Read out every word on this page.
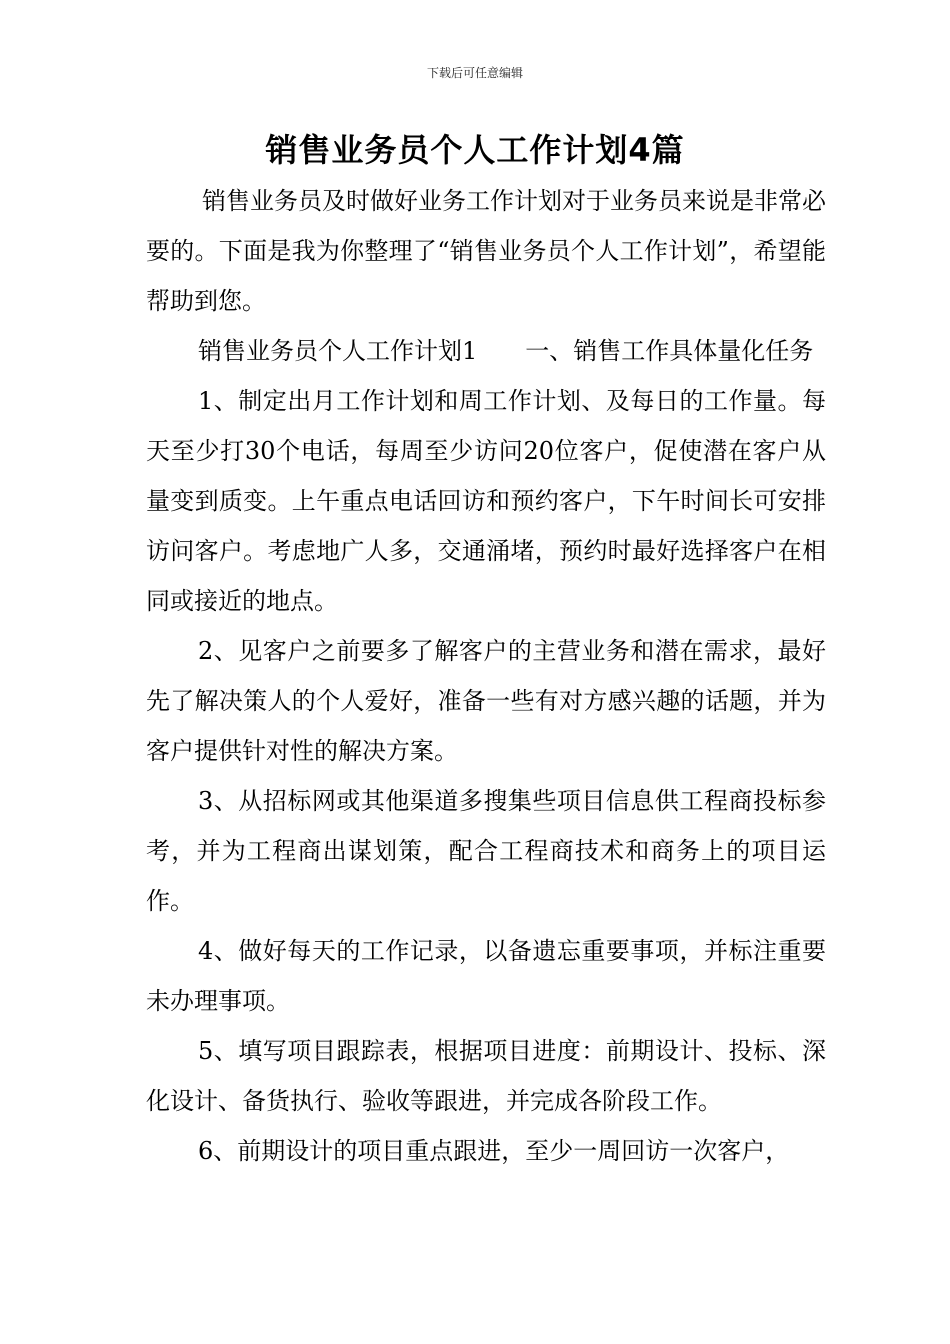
下载后可任意编辑
销售业务员个人工作计划4篇

销售业务员及时做好业务工作计划对于业务员来说是非常必要的。下面是我为你整理了“销售业务员个人工作计划”，希望能帮助到您。

销售业务员个人工作计划1 一、销售工作具体量化任务

1、制定出月工作计划和周工作计划、及每日的工作量。每天至少打30个电话，每周至少访问20位客户，促使潜在客户从量变到质变。上午重点电话回访和预约客户，下午时间长可安排访问客户。考虑地广人多，交通涌堵，预约时最好选择客户在相同或接近的地点。

2、见客户之前要多了解客户的主营业务和潜在需求，最好先了解决策人的个人爱好，准备一些有对方感兴趣的话题，并为客户提供针对性的解决方案。

3、从招标网或其他渠道多搜集些项目信息供工程商投标参考，并为工程商出谋划策，配合工程商技术和商务上的项目运作。

4、做好每天的工作记录，以备遗忘重要事项，并标注重要未办理事项。

5、填写项目跟踪表，根据项目进度：前期设计、投标、深化设计、备货执行、验收等跟进，并完成各阶段工作。

6、前期设计的项目重点跟进，至少一周回访一次客户，
